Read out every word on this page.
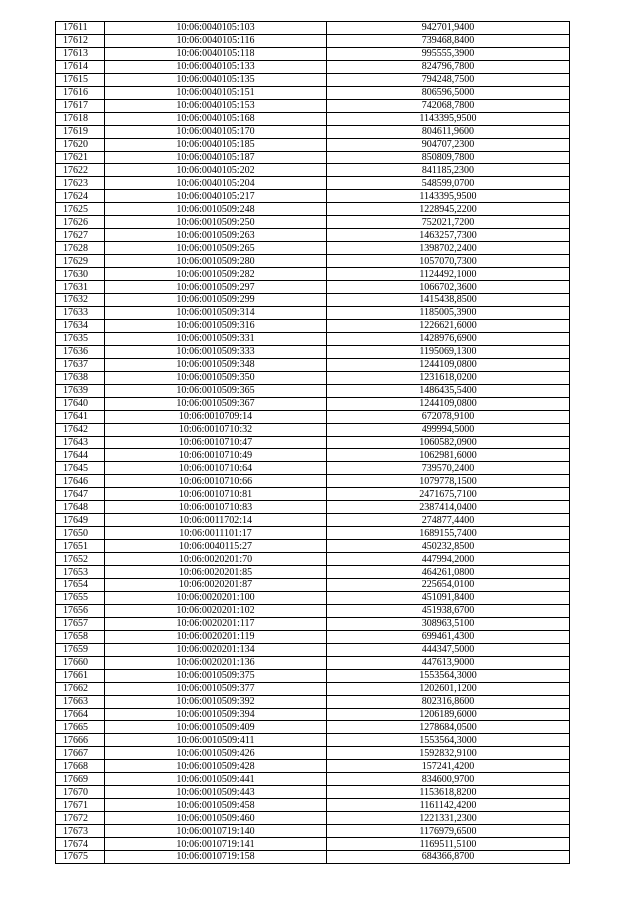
17611	10:06:0040105:103	942701,9400
17612	10:06:0040105:116	739468,8400
17613	10:06:0040105:118	995555,3900
17614	10:06:0040105:133	824796,7800
17615	10:06:0040105:135	794248,7500
17616	10:06:0040105:151	806596,5000
17617	10:06:0040105:153	742068,7800
17618	10:06:0040105:168	1143395,9500
17619	10:06:0040105:170	804611,9600
17620	10:06:0040105:185	904707,2300
17621	10:06:0040105:187	850809,7800
17622	10:06:0040105:202	841185,2300
17623	10:06:0040105:204	548599,0700
17624	10:06:0040105:217	1143395,9500
17625	10:06:0010509:248	1228945,2200
17626	10:06:0010509:250	752021,7200
17627	10:06:0010509:263	1463257,7300
17628	10:06:0010509:265	1398702,2400
17629	10:06:0010509:280	1057070,7300
17630	10:06:0010509:282	1124492,1000
17631	10:06:0010509:297	1066702,3600
17632	10:06:0010509:299	1415438,8500
17633	10:06:0010509:314	1185005,3900
17634	10:06:0010509:316	1226621,6000
17635	10:06:0010509:331	1428976,6900
17636	10:06:0010509:333	1195069,1300
17637	10:06:0010509:348	1244109,0800
17638	10:06:0010509:350	1231618,0200
17639	10:06:0010509:365	1486435,5400
17640	10:06:0010509:367	1244109,0800
17641	10:06:0010709:14	672078,9100
17642	10:06:0010710:32	499994,5000
17643	10:06:0010710:47	1060582,0900
17644	10:06:0010710:49	1062981,6000
17645	10:06:0010710:64	739570,2400
17646	10:06:0010710:66	1079778,1500
17647	10:06:0010710:81	2471675,7100
17648	10:06:0010710:83	2387414,0400
17649	10:06:0011702:14	274877,4400
17650	10:06:0011101:17	1689155,7400
17651	10:06:0040115:27	450232,8500
17652	10:06:0020201:70	447994,2000
17653	10:06:0020201:85	464261,0800
17654	10:06:0020201:87	225654,0100
17655	10:06:0020201:100	451091,8400
17656	10:06:0020201:102	451938,6700
17657	10:06:0020201:117	308963,5100
17658	10:06:0020201:119	699461,4300
17659	10:06:0020201:134	444347,5000
17660	10:06:0020201:136	447613,9000
17661	10:06:0010509:375	1553564,3000
17662	10:06:0010509:377	1202601,1200
17663	10:06:0010509:392	802316,8600
17664	10:06:0010509:394	1206189,6000
17665	10:06:0010509:409	1278684,0500
17666	10:06:0010509:411	1553564,3000
17667	10:06:0010509:426	1592832,9100
17668	10:06:0010509:428	157241,4200
17669	10:06:0010509:441	834600,9700
17670	10:06:0010509:443	1153618,8200
17671	10:06:0010509:458	1161142,4200
17672	10:06:0010509:460	1221331,2300
17673	10:06:0010719:140	1176979,6500
17674	10:06:0010719:141	1169511,5100
17675	10:06:0010719:158	684366,8700
